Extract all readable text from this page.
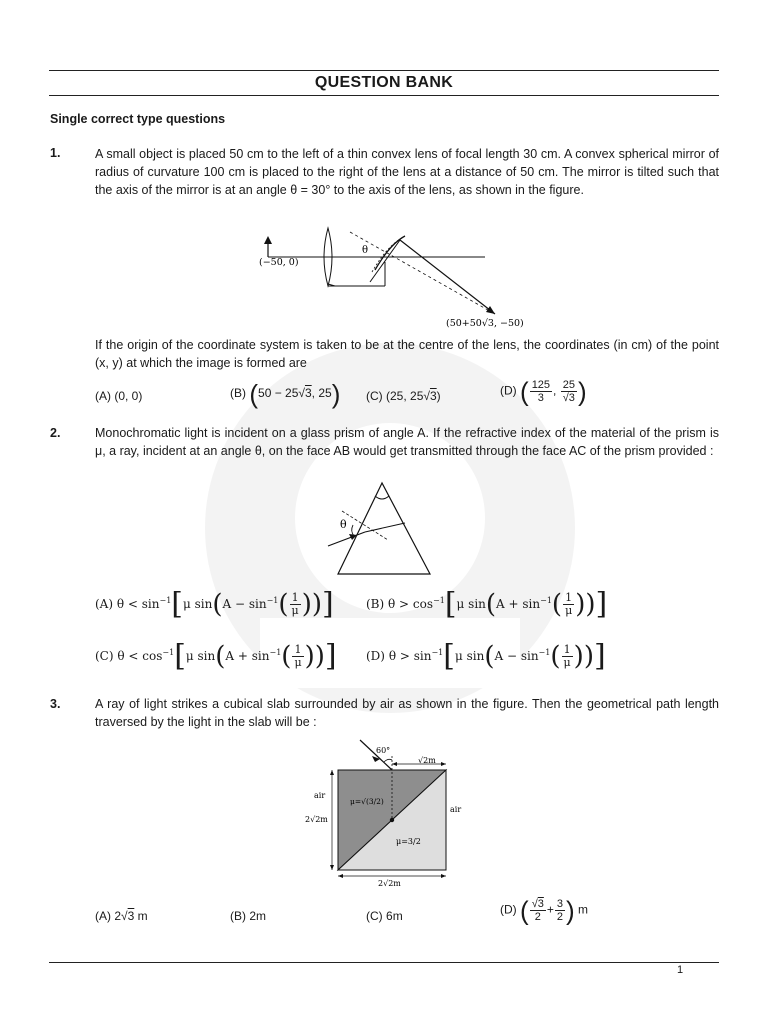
QUESTION BANK
Single correct type questions
1.	A small object is placed 50 cm to the left of a thin convex lens of focal length 30 cm. A convex spherical mirror of radius of curvature 100 cm is placed to the right of the lens at a distance of 50 cm. The mirror is tilted such that the axis of the mirror is at an angle θ = 30° to the axis of the lens, as shown in the figure.
θ
(−50, 0)
(50+50√3, −50)
If the origin of the coordinate system is taken to be at the centre of the lens, the coordinates (in cm) of the point (x, y) at which the image is formed are
(A) (0, 0)	(B) (50 − 25√3, 25) (C) (25, 25√3)	(D) ( $\frac{125}{3}$ , $\frac{25}{√3}$ )
2.	Monochromatic light is incident on a glass prism of angle A. If the refractive index of the material of the prism is μ, a ray, incident at an angle θ, on the face AB would get transmitted through the face AC of the prism provided :
θ
(A) $\theta < \sin^{-1}[\mu$ $\sin(A - \sin^{-1}( \frac{1}{\mu}$ ))]	(B) $\theta > \cos^{-1}[\mu$ $\sin(A + \sin^{-1}( \frac{1}{\mu}$ ))]
(C) $\theta < \cos^{-1}[\mu$ $\sin(A + \sin^{-1}( \frac{1}{\mu}$ ))] (D) $\theta > \sin^{-1}[\mu$ $\sin(A - \sin^{-1}( \frac{1}{\mu}$ ))]
3.	A ray of light strikes a cubical slab surrounded by air as shown in the figure. Then the geometrical path length traversed by the light in the slab will be :
60°
√2m
air
air
2√2m
μ=√(3/2)
μ=3/2
2√2m
(A) 2√3 m	(B) 2m	(C) 6m	(D) ( $\frac{√3}{2} + \frac{3}{2}$ ) m
1
